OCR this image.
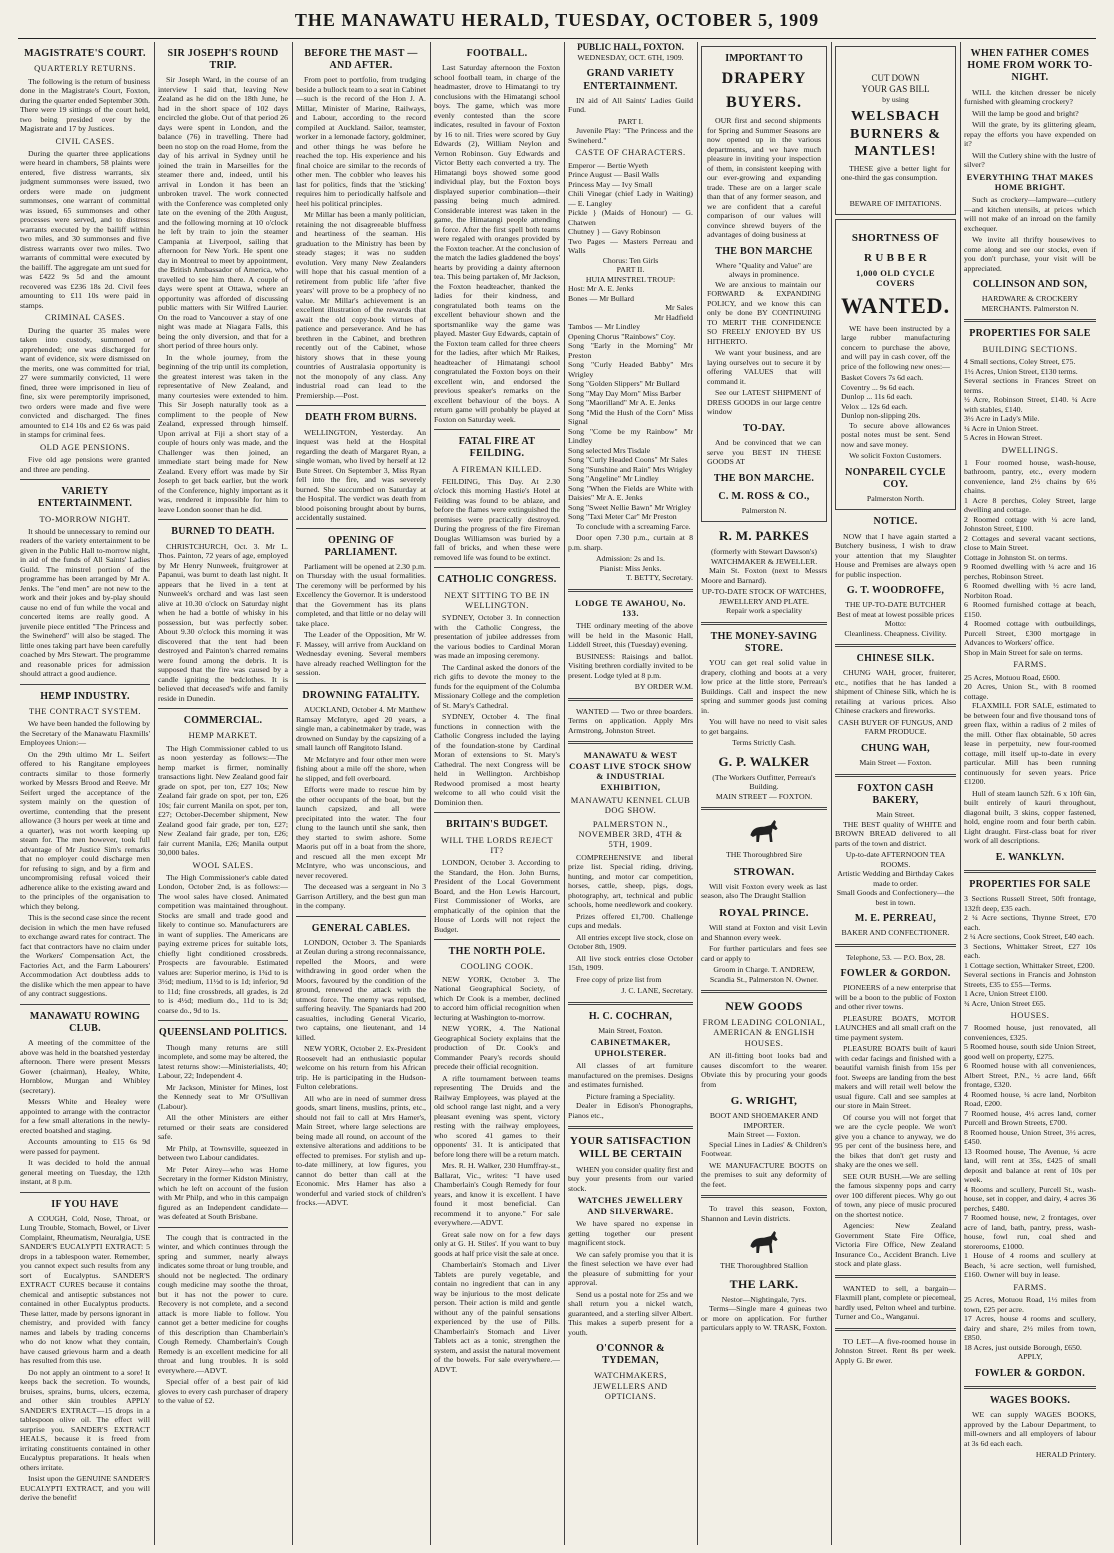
THE MANAWATU HERALD, TUESDAY, OCTOBER 5, 1909
MAGISTRATE'S COURT.
QUARTERLY RETURNS.

The following is the return of business done in the Magistrate's Court, Foxton, during the quarter ended September 30th. There were 19 sittings of the court held, two being presided over by the Magistrate and 17 by Justices.

CIVIL CASES.

During the quarter three applications were heard in chambers, 58 plaints were entered, five distress warrants, six judgment summonses were issued, two orders were made on judgment summonses, one warrant of committal was issued, 65 summonses and other processes were served, and to distress warrants executed by the bailiff within two miles, and 30 summonses and five distress warrants over two miles. Two warrants of committal were executed by the bailiff. The aggregate am unt sued for was £422 9s 5d and the amount recovered was £236 18s 2d. Civil fees amounting to £11 10s were paid in stamps.

CRIMINAL CASES.

During the quarter 35 males were taken into custody, summoned or apprehended; one was discharged for want of evidence, six were dismissed on the merits, one was committed for trial, 27 were summarily convicted, 11 were fined, three were imprisoned in lieu of fine, six were peremptorily imprisoned, two orders were made and five were convicted and discharged. The fines amounted to £14 10s and £2 6s was paid in stamps for criminal fees.

OLD AGE PENSIONS.

Five old age pensions were granted and three are pending.

VARIETY ENTERTAINMENT.
TO-MORROW NIGHT.

It should be unnecessary to remind our readers of the variety entertainment to be given in the Public Hall to-morrow night, in aid of the funds of All Saints' Ladies Guild. The minstrel portion of the programme has been arranged by Mr A. Jenks. The "end men" are not new to the work and their jokes and by-play should cause no end of fun while the vocal and concerted items are really good. A juvenile piece entitled "The Princess and the Swineherd" will also be staged. The little ones taking part have been carefully coached by Mrs Stewart. The programme and reasonable prices for admission should attract a good audience.

HEMP INDUSTRY.
THE CONTRACT SYSTEM.

We have been handed the following by the Secretary of the Manawatu Flaxmills' Employees Union:—

On the 29th ultimo Mr L. Seifert offered to his Rangitane employees contracts similar to those formerly worked by Messrs Brood and Reeve. Mr Seifert urged the acceptance of the system mainly on the question of overtime, contending that the present allowance (3 hours per week at time and a quarter), was not worth keeping up steam for. The men however, took full advantage of Mr Justice Sim's remarks that no employer could discharge men for refusing to sign, and by a firm and uncompromising refusal voiced their adherence alike to the existing award and to the principles of the organisation to which they belong.

This is the second case since the recent decision in which the men have refused to exchange award rates for contract. The fact that contractors have no claim under the Workers' Compensation Act, the Factories Act, and the Farm Labourers' Accommodation Act doubtless adds to the dislike which the men appear to have of any contract suggestions.

MANAWATU ROWING CLUB.

A meeting of the committee of the above was held in the boatshed yesterday afternoon. There were present Messrs Gower (chairman), Healey, White, Hornblow, Murgan and Whibley (secretary).

Messrs White and Healey were appointed to arrange with the contractor for a few small alterations in the newly-erected boatshed and staging.

Accounts amounting to £15 6s 9d were passed for payment.

It was decided to hold the annual general meeting on Tuesday, the 12th instant, at 8 p.m.

IF YOU HAVE

A COUGH, Cold, Nose, Throat, or Lung Trouble, Stomach, Bowel, or Liver Complaint, Rheumatism, Neuralgia, USE SANDER'S EUCALYPTI EXTRACT: 5 drops in a tablespoon water. Remember, you cannot expect such results from any sort of Eucalyptus. SANDER'S EXTRACT CURES because it contains chemical and antiseptic substances not contained in other Eucalyptus products. These latter, made by persons ignorant in chemistry, and provided with fancy names and labels by trading concerns who do not know what they contain, have caused grievous harm and a death has resulted from this use.

Do not apply an ointment to a sore! It keeps back the secretion. To wounds, bruises, sprains, burns, ulcers, eczema, and other skin troubles APPLY SANDER'S EXTRACT—15 drops in a tablespoon olive oil. The effect will surprise you. SANDER'S EXTRACT HEALS, because it is freed from irritating constituents contained in other Eucalyptus preparations. It heals when others irritate.

Insist upon the GENUINE SANDER'S EUCALYPTI EXTRACT, and you will derive the benefit!

SIR JOSEPH'S ROUND TRIP.

Sir Joseph Ward, in the course of an interview I said that, leaving New Zealand as he did on the 18th June, he had in the short space of 102 days encircled the globe. Out of that period 26 days were spent in London, and the balance (76) in travelling. There had been no stop on the road Home, from the day of his arrival in Sydney until he joined the train in Marseilles for the steamer there and, indeed, until his arrival in London it has been an unbroken travel. The work connected with the Conference was completed only late on the evening of the 20th August, and the following morning at 10 o'clock he left by train to join the steamer Campania at Liverpool, sailing that afternoon for New York. He spent one day in Montreal to meet by appointment, the British Ambassador of America, who travelled to see him there. A couple of days were spent at Ottawa, where an opportunity was afforded of discussing public matters with Sir Wilfred Laurier. On the road to Vancouver a stay of one night was made at Niagara Falls, this being the only diversion, and that for a short period of three hours only.

In the whole journey, from the beginning of the trip until its completion, the greatest interest was taken in the representative of New Zealand, and many courtesies were extended to him. This Sir Joseph naturally took as a compliment to the people of New Zealand, expressed through himself. Upon arrival at Fiji a short stay of a couple of hours only was made, and the Challenger was then joined, an immediate start being made for New Zealand. Every effort was made by Sir Joseph to get back earlier, but the work of the Conference, highly important as it was, rendered it impossible for him to leave London sooner than he did.

BURNED TO DEATH.

CHRISTCHURCH, Oct. 3. Mr L. Thos. Painton, 72 years of age, employed by Mr Henry Nunweek, fruitgrower at Papanui, was burnt to death last night. It appears that he lived in a tent at Nunweek's orchard and was last seen alive at 10.30 o'clock on Saturday night when he had a bottle of whisky in his possession, but was perfectly sober. About 9.30 o'clock this morning it was discovered that the tent had been destroyed and Painton's charred remains were found among the debris. It is supposed that the fire was caused by a candle igniting the bedclothes. It is believed that deceased's wife and family reside in Dunedin.

COMMERCIAL.
HEMP MARKET.

The High Commissioner cabled to us as noon yesterday as follows:—The hemp market is firmer, nominally transactions light. New Zealand good fair grade on spot, per ton, £27 10s; New Zealand fair grade on spot, per ton, £26 10s; fair current Manila on spot, per ton, £27; October-December shipment, New Zealand good fair grade, per ton, £27; New Zealand fair grade, per ton, £26; fair current Manila, £26; Manila output 30,000 bales.

WOOL SALES.

The High Commissioner's cable dated London, October 2nd, is as follows:—The wool sales have closed. Animated competition was maintained throughout. Stocks are small and trade good and likely to continue so. Manufacturers are in want of supplies. The Americans are paying extreme prices for suitable lots, chiefly light conditioned crossbreds. Prospects are favourable. Estimated values are: Superior merino, is 1¾d to is 3½d; medium, 11½d to is 1d; inferior, 9d to 11d; fine crossbreds, all grades, is 2d to is 4½d; medium do., 11d to is 3d; coarse do., 9d to 1s.

QUEENSLAND POLITICS.

Though many returns are still incomplete, and some may be altered, the latest returns show:—Ministerialists, 40; Labour, 22; Independent 4.

Mr Jackson, Minister for Mines, lost the Kennedy seat to Mr O'Sullivan (Labour).

All the other Ministers are either returned or their seats are considered safe.

Mr Philp, at Townsville, squeezed in between two Labour candidates.

Mr Peter Airey—who was Home Secretary in the former Kidston Ministry, which he left on account of the fusion with Mr Philp, and who in this campaign figured as an Independent candidate—was defeated at South Brisbane.

The cough that is contracted in the winter, and which continues through the spring and summer, nearly always indicates some throat or lung trouble, and should not be neglected. The ordinary cough medicine may soothe the throat, but it has not the power to cure. Recovery is not complete, and a second attack is more liable to follow. You cannot get a better medicine for coughs of this description than Chamberlain's Cough Remedy. Chamberlain's Cough Remedy is an excellent medicine for all throat and lung troubles. It is sold everywhere.—ADVT.

Special offer of a best pair of kid gloves to every cash purchaser of drapery to the value of £2.

BEFORE THE MAST — AND AFTER.

From poet to portfolio, from trudging beside a bullock team to a seat in Cabinet—such is the record of the Hon J. A. Millar, Minister of Marine, Railways, and Labour, according to the record compiled at Auckland. Sailor, teamster, worker in a lemonade factory, goldminer, and other things he was before he reached the top. His experience and his final choice are similar to the records of other men. The cobbler who leaves his last for politics, finds that the 'sticking' requires him to periodically halfsole and heel his political principles.

Mr Millar has been a manly politician, retaining the not disagreeable bluffness and heartiness of the seaman. His graduation to the Ministry has been by steady stages; it was no sudden evolution. Very many New Zealanders will hope that his casual mention of a retirement from public life 'after five years' will prove to be a prophecy of no value. Mr Millar's achievement is an excellent illustration of the rewards that await the old copy-book virtues of patience and perseverance. And he has brethren in the Cabinet, and brethren recently out of the Cabinet, whose history shows that in these young countries of Australasia opportunity is not the monopoly of any class. Any industrial road can lead to the Premiership.—Post.

DEATH FROM BURNS.

WELLINGTON, Yesterday. An inquest was held at the Hospital regarding the death of Margaret Ryan, a single woman, who lived by herself at 12 Bute Street. On September 3, Miss Ryan fell into the fire, and was severely burned. She succumbed on Saturday at the Hospital. The verdict was death from blood poisoning brought about by burns, accidentally sustained.

OPENING OF PARLIAMENT.

Parliament will be opened at 2.30 p.m. on Thursday with the usual formalities. The ceremony will be performed by his Excellency the Governor. It is understood that the Government has its plans completed, and that little or no delay will take place.

The Leader of the Opposition, Mr W. F. Massey, will arrive from Auckland on Wednesday evening. Several members have already reached Wellington for the session.

DROWNING FATALITY.

AUCKLAND, October 4. Mr Matthew Ramsay McIntyre, aged 20 years, a single man, a cabinetmaker by trade, was drowned on Sunday by the capsizing of a small launch off Rangitoto Island.

Mr McIntyre and four other men were fishing about a mile off the shore, when he slipped, and fell overboard.

Efforts were made to rescue him by the other occupants of the boat, but the launch capsized, and all were precipitated into the water. The four clung to the launch until she sank, then they started to swim ashore. Some Maoris put off in a boat from the shore, and rescued all the men except Mr McIntyre, who was unconscious, and never recovered.

The deceased was a sergeant in No 3 Garrison Artillery, and the best gun man in the company.

GENERAL CABLES.

LONDON, October 3. The Spaniards at Zeulan during a strong reconnaissance, repelled the Moors, and were withdrawing in good order when the Moors, favoured by the condition of the ground, renewed the attack with the utmost force. The enemy was repulsed, suffering heavily. The Spaniards had 200 casualties, including General Vicario, two captains, one lieutenant, and 14 killed.

NEW YORK, October 2. Ex-President Roosevelt had an enthusiastic popular welcome on his return from his African trip. He is participating in the Hudson-Fulton celebrations.

All who are in need of summer dress goods, smart linens, muslins, prints, etc., should not fail to call at Mrs Hamer's, Main Street, where large selections are being made all round, on account of the extensive alterations and additions to be effected to premises. For stylish and up-to-date millinery, at low figures, you cannot do better than call at the Economic. Mrs Hamer has also a wonderful and varied stock of children's frocks.—ADVT.

FOOTBALL.

Last Saturday afternoon the Foxton school football team, in charge of the headmaster, drove to Himatangi to try conclusions with the Himatangi school boys. The game, which was more evenly contested than the score indicates, resulted in favour of Foxton by 16 to nil. Tries were scored by Guy Edwards (2), William Neylon and Vernon Robinson. Guy Edwards and Victor Betty each converted a try. The Himatangi boys showed some good individual play, but the Foxton boys displayed superior combination—their passing being much admired. Considerable interest was taken in the game, the Himatangi people attending in force. After the first spell both teams were regaled with oranges provided by the Foxton teacher. At the conclusion of the match the ladies gladdened the boys' hearts by providing a dainty afternoon tea. This being partaken of, Mr Jackson, the Foxton headteacher, thanked the ladies for their kindness, and congratulated both teams on the excellent behaviour shown and the sportsmanlike way the game was played. Master Guy Edwards, captain of the Foxton team called for three cheers for the ladies, after which Mr Raikes, headteacher of Himatangi school congratulated the Foxton boys on their excellent win, and endorsed the previous speaker's remarks on the excellent behaviour of the boys. A return game will probably be played at Foxton on Saturday week.

FATAL FIRE AT FEILDING.
A FIREMAN KILLED.

FEILDING, This Day. At 2.30 o'clock this morning Hastie's Hotel at Feilding was found to be ablaze, and before the flames were extinguished the premises were practically destroyed. During the progress of the fire Fireman Douglas Williamson was buried by a fall of bricks, and when these were removed life was found to be extinct.

CATHOLIC CONGRESS.
NEXT SITTING TO BE IN WELLINGTON.

SYDNEY, October 3. In connection with the Catholic Congress, the presentation of jubilee addresses from the various bodies to Cardinal Moran was made an imposing ceremony.

The Cardinal asked the donors of the rich gifts to devote the money to the funds for the equipment of the Columba Missionary College and the completion of St. Mary's Cathedral.

SYDNEY, October 4. The final functions in connection with the Catholic Congress included the laying of the foundation-stone by Cardinal Moran of extensions to St. Mary's Cathedral. The next Congress will be held in Wellington. Archbishop Redwood promised a most hearty welcome to all who could visit the Dominion then.

BRITAIN'S BUDGET.
WILL THE LORDS REJECT IT?

LONDON, October 3. According to the Standard, the Hon. John Burns, President of the Local Government Board, and the Hon Lewis Harcourt, First Commissioner of Works, are emphatically of the opinion that the House of Lords will not reject the Budget.

THE NORTH POLE.
COOLING COOK.

NEW YORK, October 3. The National Geographical Society, of which Dr Cook is a member, declined to accord him official recognition when lecturing at Washington to-morrow.

NEW YORK, 4. The National Geographical Society explains that the production of Dr. Cook's and Commander Peary's records should precede their official recognition.

A rifle tournament between teams representing The Druids and the Railway Employees, was played at the old school range last night, and a very pleasant evening was spent, victory resting with the railway employees, who scored 41 games to their opponents' 31. It is anticipated that before long there will be a return match.

Mrs. R. H. Walker, 230 Humffray-st., Ballarat, Vic., writes: "I have used Chamberlain's Cough Remedy for four years, and know it is excellent. I have found it most beneficial. Can recommend it to anyone." For sale everywhere.—ADVT.

Great sale now on for a few days only at G. H. Stiles'. If you want to buy goods at half price visit the sale at once.

Chamberlain's Stomach and Liver Tablets are purely vegetable, and contain no ingredient that can in any way be injurious to the most delicate person. Their action is mild and gentle without any of the painful sensations experienced by the use of Pills. Chamberlain's Stomach and Liver Tablets act as a tonic, strengthen the system, and assist the natural movement of the bowels. For sale everywhere.—ADVT.

PUBLIC HALL, FOXTON.
WEDNESDAY, OCT. 6TH, 1909.
GRAND VARIETY ENTERTAINMENT.

IN aid of All Saints' Ladies Guild Fund.

PART I.

Juvenile Play: "The Princess and the Swineherd."

CASTE OF CHARACTERS.
Emperor — Bertie Wyeth
Prince August — Basil Walls
Princess May — Ivy Small
Chili Vinegar (chief Lady in Waiting) — E. Langley
Pickle } (Maids of Honour) — G. Chatwen
Chutney } — Gavy Robinson
Two Pages — Masters Perreau and Walls
Chorus: Ten Girls
PART II.
HUIA MINSTREL TROUP:
Host: Mr A. E. Jenks
Bones — Mr Bullard
Mr Sales
Mr Hadfield
Tambos — Mr Lindley
Opening Chorus "Rainbows" Coy.
Song "Early in the Morning" Mr Preston
Song "Curly Headed Babby" Mrs Wrigley
Song "Golden Slippers" Mr Bullard
Song "May Day Morn" Miss Barber
Song "Maorilland" Mr A. E. Jenks
Song "Mid the Hush of the Corn" Miss Signal
Song "Come be my Rainbow" Mr Lindley
Song selected Mrs Tisdale
Song "Curly Headed Coons" Mr Sales
Song "Sunshine and Rain" Mrs Wrigley
Song "Angeline" Mr Lindley
Song "When the Fields are White with Daisies" Mr A. E. Jenks
Song "Sweet Nellie Bawn" Mr Wrigley
Song "Taxi Meter Car" Mr Preston

To conclude with a screaming Farce.

Door open 7.30 p.m., curtain at 8 p.m. sharp.

Admission: 2s and 1s.
Pianist: Miss Jenks.
T. BETTY, Secretary.
LODGE TE AWAHOU, No. 133.

THE ordinary meeting of the above will be held in the Masonic Hall, Liddell Street, this (Tuesday) evening.

BUSINESS: Raisings and ballot. Visiting brethren cordially invited to be present. Lodge tyled at 8 p.m.

BY ORDER W.M.

WANTED — Two or three boarders. Terms on application. Apply Mrs Armstrong, Johnston Street.

MANAWATU & WEST COAST LIVE STOCK SHOW & INDUSTRIAL EXHIBITION,
MANAWATU KENNEL CLUB DOG SHOW.
PALMERSTON N., NOVEMBER 3RD, 4TH & 5TH, 1909.

COMPREHENSIVE and liberal prize list. Special riding, driving, hunting, and motor car competition, horses, cattle, sheep, pigs, dogs, photography, art, technical and public schools, home needlework and cookery.

Prizes offered £1,700. Challenge cups and medals.

All entries except live stock, close on October 8th, 1909.

All live stock entries close October 15th, 1909.

Free copy of prize list from

J. C. LANE, Secretary.
H. C. COCHRAN,
Main Street, Foxton.
CABINETMAKER, UPHOLSTERER.

All classes of art furniture manufactured on the premises. Designs and estimates furnished.

Picture framing a Speciality.

Dealer in Edison's Phonographs, Pianos etc.,

YOUR SATISFACTION WILL BE CERTAIN

WHEN you consider quality first and buy your presents from our varied stock.

WATCHES JEWELLERY AND SILVERWARE.

We have spared no expense in getting together our present magnificent stock.

We can safely promise you that it is the finest selection we have ever had the pleasure of submitting for your approval.

Send us a postal note for 25s and we shall return you a nickel watch, guaranteed, and a sterling silver Albert. This makes a superb present for a youth.

O'CONNOR & TYDEMAN,
WATCHMAKERS, JEWELLERS AND OPTICIANS.
IMPORTANT TO
DRAPERY
BUYERS.

OUR first and second shipments for Spring and Summer Seasons are now opened up in the various departments, and we have much pleasure in inviting your inspection of them, in consistent keeping with our ever-growing and expanding trade. These are on a larger scale than that of any former season, and we are confident that a careful comparison of our values will convince shrewd buyers of the advantages of doing business at

THE BON MARCHE
Where "Quality and Value" are always in prominence.

We are anxious to maintain our FORWARD & EXPANDING POLICY, and we know this can only be done BY CONTINUING TO MERIT THE CONFIDENCE SO FREELY ENJOYED BY US HITHERTO.

We want your business, and are laying ourselves out to secure it by offering VALUES that will command it.

See our LATEST SHIPMENT of DRESS GOODS in our large centre window

TO-DAY.

And be convinced that we can serve you BEST IN THESE GOODS AT

THE BON MARCHE.
C. M. ROSS & CO.,
Palmerston N.
R. M. PARKES
(formerly with Stewart Dawson's) WATCHMAKER & JEWELLER.

Main St. Foxton (next to Messrs Moore and Barnard).

UP-TO-DATE STOCK OF WATCHES, JEWELLERY AND PLATE.
Repair work a speciality
THE MONEY-SAVING STORE.

YOU can get real solid value in drapery, clothing and boots at a very low price at the little store, Perreau's Buildings. Call and inspect the new spring and summer goods just coming in.

You will have no need to visit sales to get bargains.

Terms Strictly Cash.
G. P. WALKER
(The Workers Outfitter, Perreau's Building.
MAIN STREET — FOXTON.
THE Thoroughbred Sire
STROWAN.

Will visit Foxton every week as last season, also The Draught Stallion

ROYAL PRINCE.

Will stand at Foxton and visit Levin and Shannon every week.

For further particulars and fees see card or apply to

Groom in Charge. T. ANDREW, Scandia St., Palmerston N. Owner.
NEW GOODS
FROM LEADING COLONIAL, AMERICAN & ENGLISH HOUSES.

AN ill-fitting boot looks bad and causes discomfort to the wearer. Obviate this by procuring your goods from

G. WRIGHT,
BOOT AND SHOEMAKER AND IMPORTER.
Main Street — Foxton.

Special Lines in Ladies' & Children's Footwear.

WE MANUFACTURE BOOTS on the premises to suit any deformity of the feet.

To travel this season, Foxton, Shannon and Levin districts.

THE Thoroughbred Stallion
THE LARK.
Nestor—Nightingale, 7yrs.

Terms—Single mare 4 guineas two or more on application. For further particulars apply to W. TRASK, Foxton.

CUT DOWN
YOUR GAS BILL
by using
WELSBACH BURNERS & MANTLES!

THESE give a better light for one-third the gas consumption.

BEWARE OF IMITATIONS.
SHORTNESS OF
R U B B E R
1,000 OLD CYCLE COVERS
WANTED.

WE have been instructed by a large rubber manufacturing concern to purchase the above, and will pay in cash cover, off the price of the following new ones:—

Basket Covers 7s 6d each.
Coventry ... 9s 6d each.
Dunlop ... 11s 6d each.
Velox ... 12s 6d each.
Dunlop non-slipping 20s.

To secure above allowances postal notes must be sent. Send now and save money.

We solicit Foxton Customers.

NONPAREIL CYCLE COY.
Palmerston North.
NOTICE.

NOW that I have again started a Butchery business, I wish to draw your attention that my Slaughter House and Premises are always open for public inspection.

G. T. WOODROFFE,
THE UP-TO-DATE BUTCHER
Best of meat at lowest possible prices
Motto:
Cleanliness. Cheapness. Civility.
CHINESE SILK.

CHUNG WAH, grocer, fruiterer, etc., notifies that he has landed a shipment of Chinese Silk, which he is retailing at various prices. Also Chinese crackers and fireworks.

CASH BUYER OF FUNGUS, AND FARM PRODUCE.
CHUNG WAH,
Main Street — Foxton.
FOXTON CASH BAKERY,
Main Street.

THE BEST quality of WHITE and BROWN BREAD delivered to all parts of the town and district.

Up-to-date AFTERNOON TEA ROOMS.
Artistic Wedding and Birthday Cakes made to order.
Small Goods and Confectionery—the best in town.
M. E. PERREAU,
BAKER AND CONFECTIONER.
Telephone, 53. — P.O. Box, 28.
FOWLER & GORDON.

PIONEERS of a new enterprise that will be a boon to the public of Foxton and other river towns.

PLEASURE BOATS, MOTOR LAUNCHES and all small craft on the time payment system.

PLEASURE BOATS built of kauri with cedar facings and finished with a beautiful varnish finish from 15s per foot. Sweeps are landing from the best makers and will retail well below the usual figure. Call and see samples at our store in Main Street.

Of course you will not forget that we are the cycle people. We won't give you a chance to anyway, we do 95 per cent of the business here, and the bikes that don't get rusty and shaky are the ones we sell.

SEE OUR BUSH.—We are selling the famous sixpenny pops and carry over 100 different pieces. Why go out of town, any piece of music procured on the shortest notice.

Agencies: New Zealand Government State Fire Office, Victoria Fire Office, New Zealand Insurance Co., Accident Branch. Live stock and plate glass.

WANTED to sell, a bargain—Flaxmill plant, complete or piecemeal, hardly used, Pelton wheel and turbine. Turner and Co., Wanganui.

TO LET—A five-roomed house in Johnston Street. Rent 8s per week. Apply G. Br ewer.

WHEN FATHER COMES HOME FROM WORK TO-NIGHT.

WILL the kitchen dresser be nicely furnished with gleaming crockery?

Will the lamp be good and bright?

Will the grate, by its glittering gleam, repay the efforts you have expended on it?

Will the Cutlery shine with the lustre of silver?

EVERYTHING THAT MAKES HOME BRIGHT.

Such as crockery—lampware—cutlery—and kitchen utensils, at prices which will not make of an inroad on the family exchequer.

We invite all thrifty housewives to come along and see our stocks, even if you don't purchase, your visit will be appreciated.

COLLINSON AND SON,
HARDWARE & CROCKERY MERCHANTS. Palmerston N.
PROPERTIES FOR SALE
BUILDING SECTIONS.
4 Small sections, Coley Street, £75.
1½ Acres, Union Street, £130 terms.
Several sections in Frances Street on terms.
½ Acre, Robinson Street, £140. ¼ Acre with stables, £140.
3½ Acre in Lady's Mile.
¼ Acre in Union Street.
5 Acres in Howan Street.
DWELLINGS.
1 Four roomed house, wash-house, bathroom, pantry, etc., every modern convenience, land 2½ chains by 6½ chains.
1 Acre 8 perches, Coley Street, large dwelling and cottage.
2 Roomed cottage with ¼ acre land, Johnston Street, £100.
2 Cottages and several vacant sections, close to Main Street.
Cottage in Johnston St. on terms.
9 Roomed dwelling with ¼ acre and 16 perches, Robinson Street.
6 Roomed dwelling with ½ acre land, Norbiton Road.
6 Roomed furnished cottage at beach, £150.
4 Roomed cottage with outbuildings, Purcell Street, £300 mortgage in Advances to Workers' office.
Shop in Main Street for sale on terms.
FARMS.
25 Acres, Motuou Road, £600.
20 Acres, Union St., with 8 roomed cottage.

FLAXMILL FOR SALE, estimated to be between four and five thousand tons of green flax, within a radius of 2 miles of the mill. Other flax obtainable, 50 acres lease in perpetuity, new four-roomed cottage, mill itself up-to-date in every particular. Mill has been running continuously for seven years. Price £1200.

Hull of steam launch 52ft. 6 x 10ft 6in, built entirely of kauri throughout, diagonal built, 3 skins, copper fastened, hold, engine room and four berth cabin. Light draught. First-class boat for river work of all descriptions.

E. WANKLYN.
PROPERTIES FOR SALE
3 Sections Russell Street, 50ft frontage, 132ft deep, £35 each.
2 ¼ Acre sections, Thynne Street, £70 each.
2 ¼ Acre sections, Cook Street, £40 each.
3 Sections, Whittaker Street, £27 10s each.
1 Cottage section, Whittaker Street, £200.
Several sections in Francis and Johnston Streets, £35 to £55—Terms.
1 Acre, Union Street £100.
¾ Acre, Union Street £65.
HOUSES.
7 Roomed house, just renovated, all conveniences, £325.
5 Roomed house, south side Union Street, good well on property, £275.
6 Roomed house with all conveniences, Albert Street, P.N., ½ acre land, 66ft frontage, £320.
4 Roomed house, ¼ acre land, Norbiton Road, £200.
7 Roomed house, 4½ acres land, corner Purcell and Brown Streets, £700.
8 Roomed house, Union Street, 3½ acres, £450.
13 Roomed house, The Avenue, ¼ acre land, will rent at 35s, £425 of small deposit and balance at rent of 10s per week.
4 Rooms and scullery, Purcell St., wash-house, set in copper, and dairy, 4 acres 36 perches, £480.
7 Roomed house, new, 2 frontages, over acre of land, bath, pantry, press, wash-house, fowl run, coal shed and storerooms, £1000.
1 House of 4 rooms and scullery at Beach, ¼ acre section, well furnished, £160. Owner will buy in lease.
FARMS.
25 Acres, Motuou Road, 1½ miles from town, £25 per acre.
17 Acres, house 4 rooms and scullery, dairy and share, 2½ miles from town, £850.
18 Acres, just outside Borough, £650.
APPLY,
FOWLER & GORDON.
WAGES BOOKS.

WE can supply WAGES BOOKS, approved by the Labour Department, to mill-owners and all employers of labour at 3s 6d each each.

HERALD Printery.
